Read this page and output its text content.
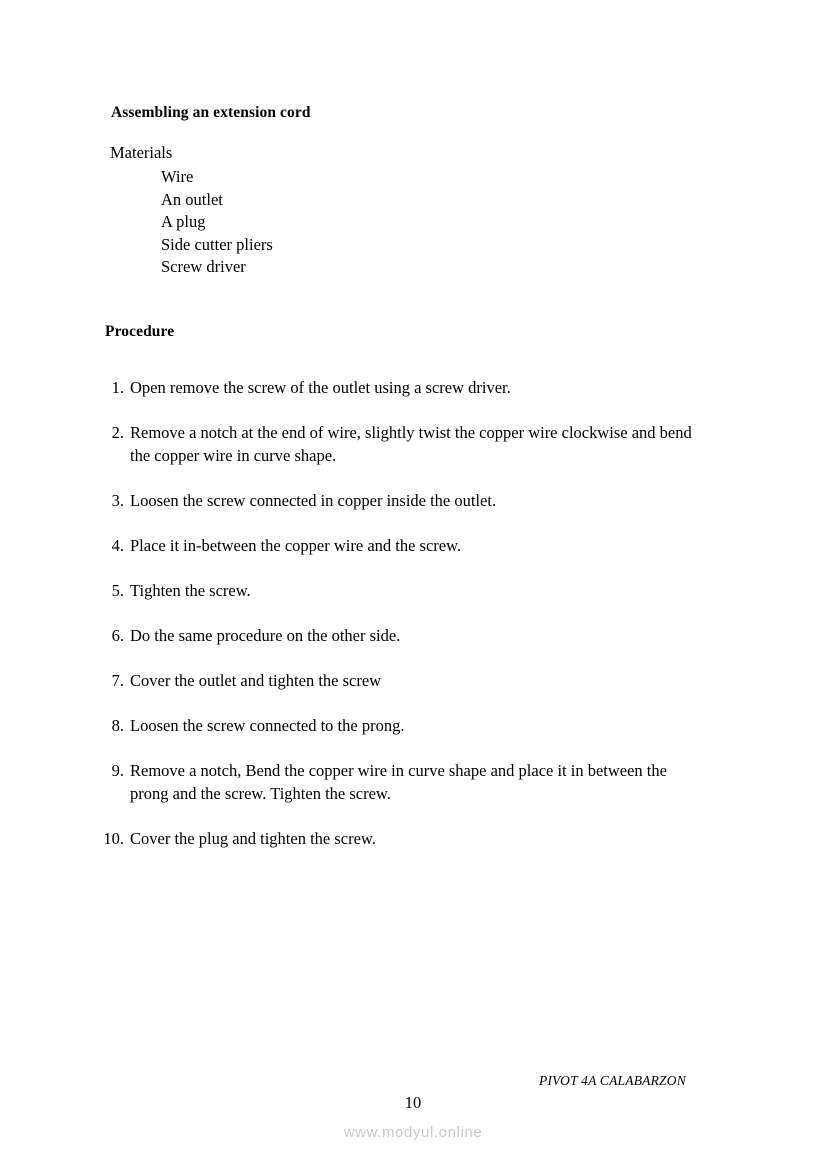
Assembling an extension cord
Materials
Wire
An outlet
A plug
Side cutter pliers
Screw driver
Procedure
1. Open remove the screw of the outlet using a screw driver.
2. Remove a notch at the end of wire, slightly twist the copper wire clockwise and bend the copper wire in curve shape.
3. Loosen the screw connected in copper inside the outlet.
4. Place it in-between the copper wire and the screw.
5. Tighten the screw.
6. Do the same procedure on the other side.
7. Cover the outlet and tighten the screw
8. Loosen the screw connected to the prong.
9. Remove a notch, Bend the copper wire in curve shape and place it in between the prong and the screw. Tighten the screw.
10. Cover the plug and tighten the screw.
PIVOT 4A CALABARZON
10
www.modyul.online
